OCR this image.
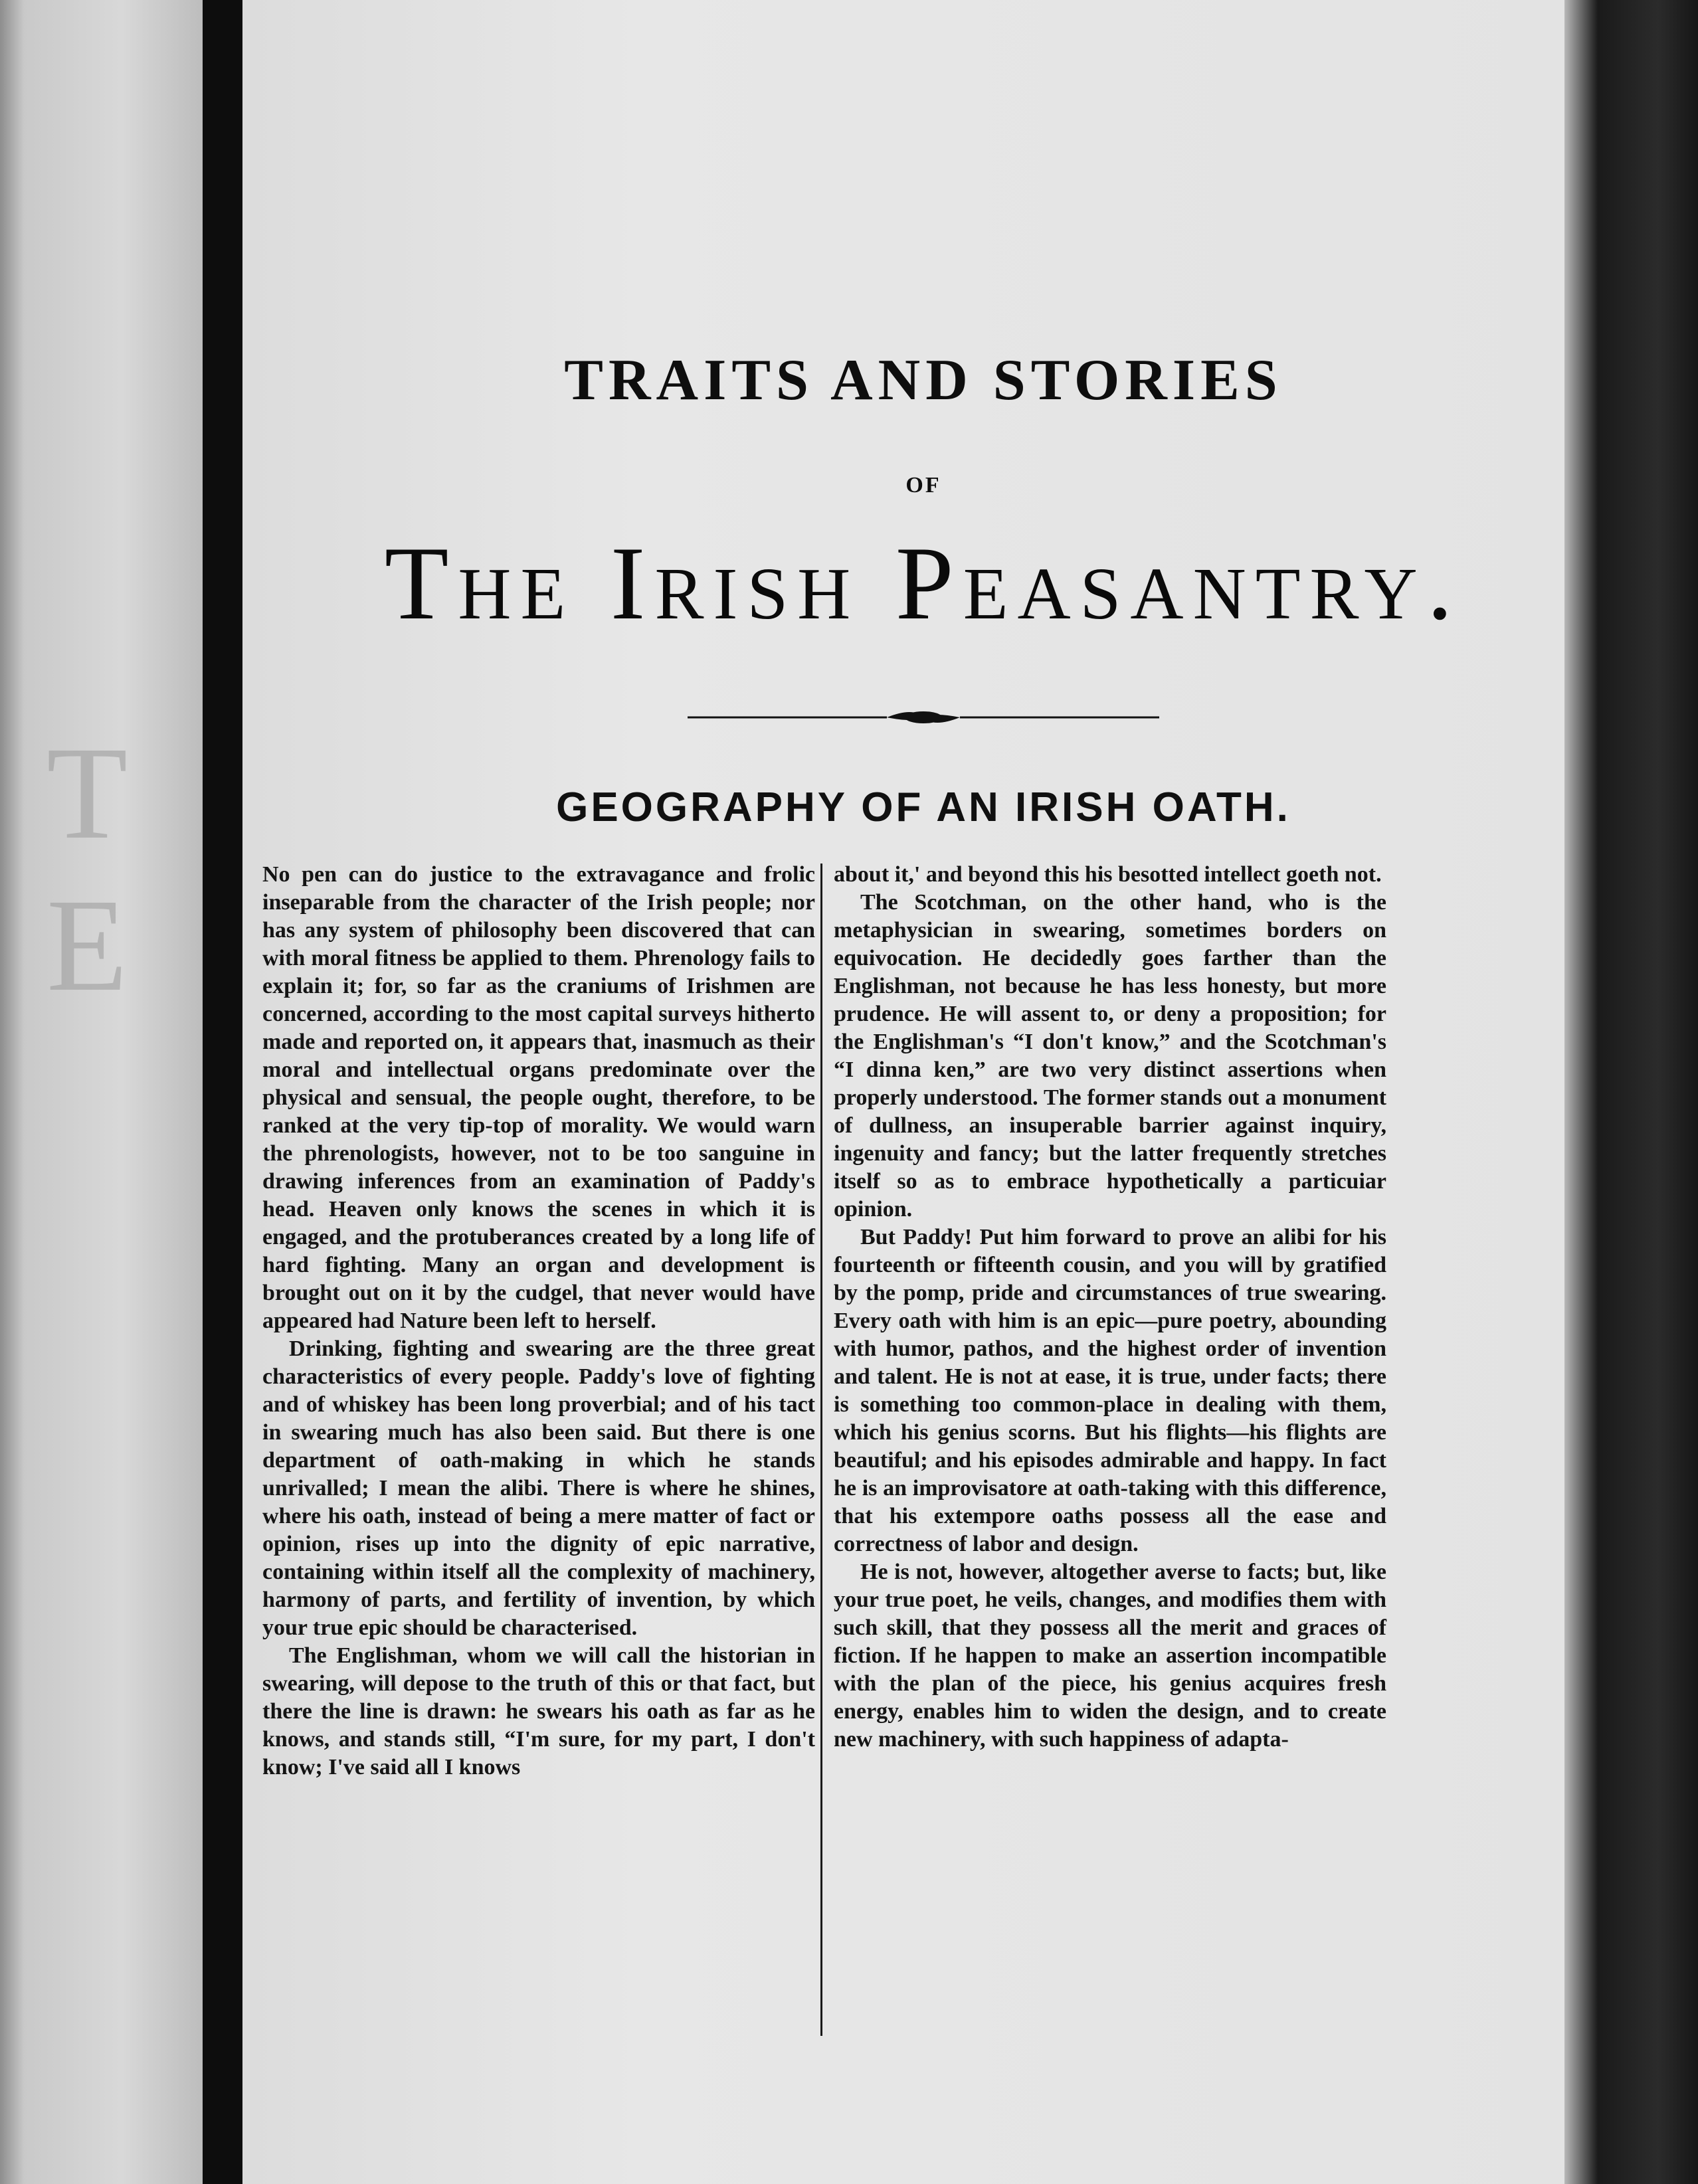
T E
TRAITS AND STORIES
OF
The Irish Peasantry.
GEOGRAPHY OF AN IRISH OATH.

No pen can do justice to the extravagance and frolic inseparable from the character of the Irish people; nor has any system of philosophy been discovered that can with moral fitness be applied to them. Phrenology fails to explain it; for, so far as the craniums of Irishmen are concerned, according to the most capital surveys hitherto made and reported on, it appears that, inasmuch as their moral and intellectual organs predominate over the physical and sensual, the people ought, therefore, to be ranked at the very tip-top of morality. We would warn the phrenologists, however, not to be too sanguine in drawing inferences from an examination of Paddy's head. Heaven only knows the scenes in which it is engaged, and the protuberances created by a long life of hard fighting. Many an organ and development is brought out on it by the cudgel, that never would have appeared had Nature been left to herself.

Drinking, fighting and swearing are the three great characteristics of every people. Paddy's love of fighting and of whiskey has been long proverbial; and of his tact in swearing much has also been said. But there is one department of oath-making in which he stands unrivalled; I mean the alibi. There is where he shines, where his oath, instead of being a mere matter of fact or opinion, rises up into the dignity of epic narrative, containing within itself all the complexity of machinery, harmony of parts, and fertility of invention, by which your true epic should be characterised.

The Englishman, whom we will call the historian in swearing, will depose to the truth of this or that fact, but there the line is drawn: he swears his oath as far as he knows, and stands still, “I'm sure, for my part, I don't know; I've said all I knows

about it,' and beyond this his besotted intellect goeth not.

The Scotchman, on the other hand, who is the metaphysician in swearing, sometimes borders on equivocation. He decidedly goes farther than the Englishman, not because he has less honesty, but more prudence. He will assent to, or deny a proposition; for the Englishman's “I don't know,” and the Scotchman's “I dinna ken,” are two very distinct assertions when properly understood. The former stands out a monument of dullness, an insuperable barrier against inquiry, ingenuity and fancy; but the latter frequently stretches itself so as to embrace hypothetically a particuiar opinion.

But Paddy! Put him forward to prove an alibi for his fourteenth or fifteenth cousin, and you will by gratified by the pomp, pride and circumstances of true swearing. Every oath with him is an epic—pure poetry, abounding with humor, pathos, and the highest order of invention and talent. He is not at ease, it is true, under facts; there is something too common-place in dealing with them, which his genius scorns. But his flights—his flights are beautiful; and his episodes admirable and happy. In fact he is an improvisatore at oath-taking with this difference, that his extempore oaths possess all the ease and correctness of labor and design.

He is not, however, altogether averse to facts; but, like your true poet, he veils, changes, and modifies them with such skill, that they possess all the merit and graces of fiction. If he happen to make an assertion incompatible with the plan of the piece, his genius acquires fresh energy, enables him to widen the design, and to create new machinery, with such happiness of adapta-
